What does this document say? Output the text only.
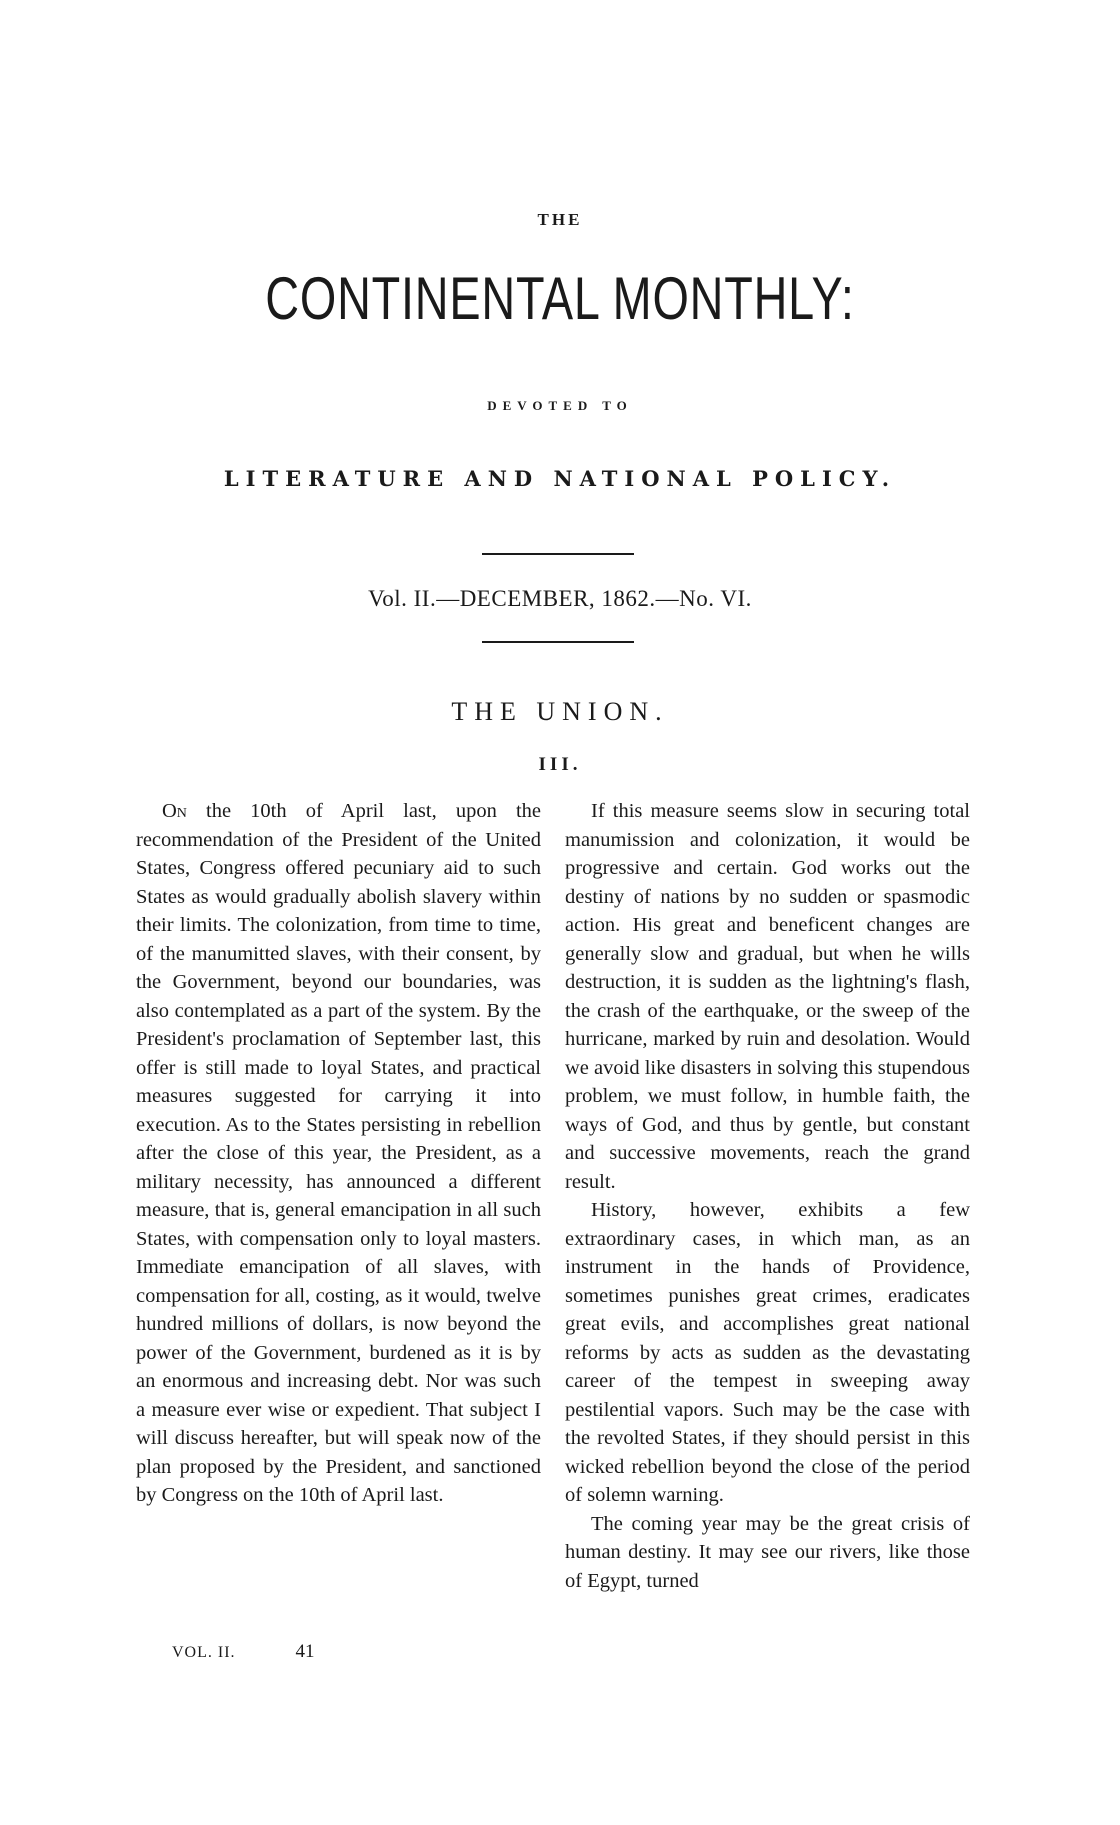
THE
CONTINENTAL MONTHLY:
DEVOTED TO
LITERATURE AND NATIONAL POLICY.
Vol. II.—DECEMBER, 1862.—No. VI.
THE UNION.
III.

On the 10th of April last, upon the recommendation of the President of the United States, Congress offered pecuniary aid to such States as would gradually abolish slavery within their limits. The colonization, from time to time, of the manumitted slaves, with their consent, by the Government, beyond our boundaries, was also contemplated as a part of the system. By the President's proclamation of September last, this offer is still made to loyal States, and practical measures suggested for carrying it into execution. As to the States persisting in rebellion after the close of this year, the President, as a military necessity, has announced a different measure, that is, general emancipation in all such States, with compensation only to loyal masters. Immediate emancipation of all slaves, with compensation for all, costing, as it would, twelve hundred millions of dollars, is now beyond the power of the Government, burdened as it is by an enormous and increasing debt. Nor was such a measure ever wise or expedient. That subject I will discuss hereafter, but will speak now of the plan proposed by the President, and sanctioned by Congress on the 10th of April last.

If this measure seems slow in securing total manumission and colonization, it would be progressive and certain. God works out the destiny of nations by no sudden or spasmodic action. His great and beneficent changes are generally slow and gradual, but when he wills destruction, it is sudden as the lightning's flash, the crash of the earthquake, or the sweep of the hurricane, marked by ruin and desolation. Would we avoid like disasters in solving this stupendous problem, we must follow, in humble faith, the ways of God, and thus by gentle, but constant and successive movements, reach the grand result.

History, however, exhibits a few extraordinary cases, in which man, as an instrument in the hands of Providence, sometimes punishes great crimes, eradicates great evils, and accomplishes great national reforms by acts as sudden as the devastating career of the tempest in sweeping away pestilential vapors. Such may be the case with the revolted States, if they should persist in this wicked rebellion beyond the close of the period of solemn warning.

The coming year may be the great crisis of human destiny. It may see our rivers, like those of Egypt, turned

VOL. II.	41
